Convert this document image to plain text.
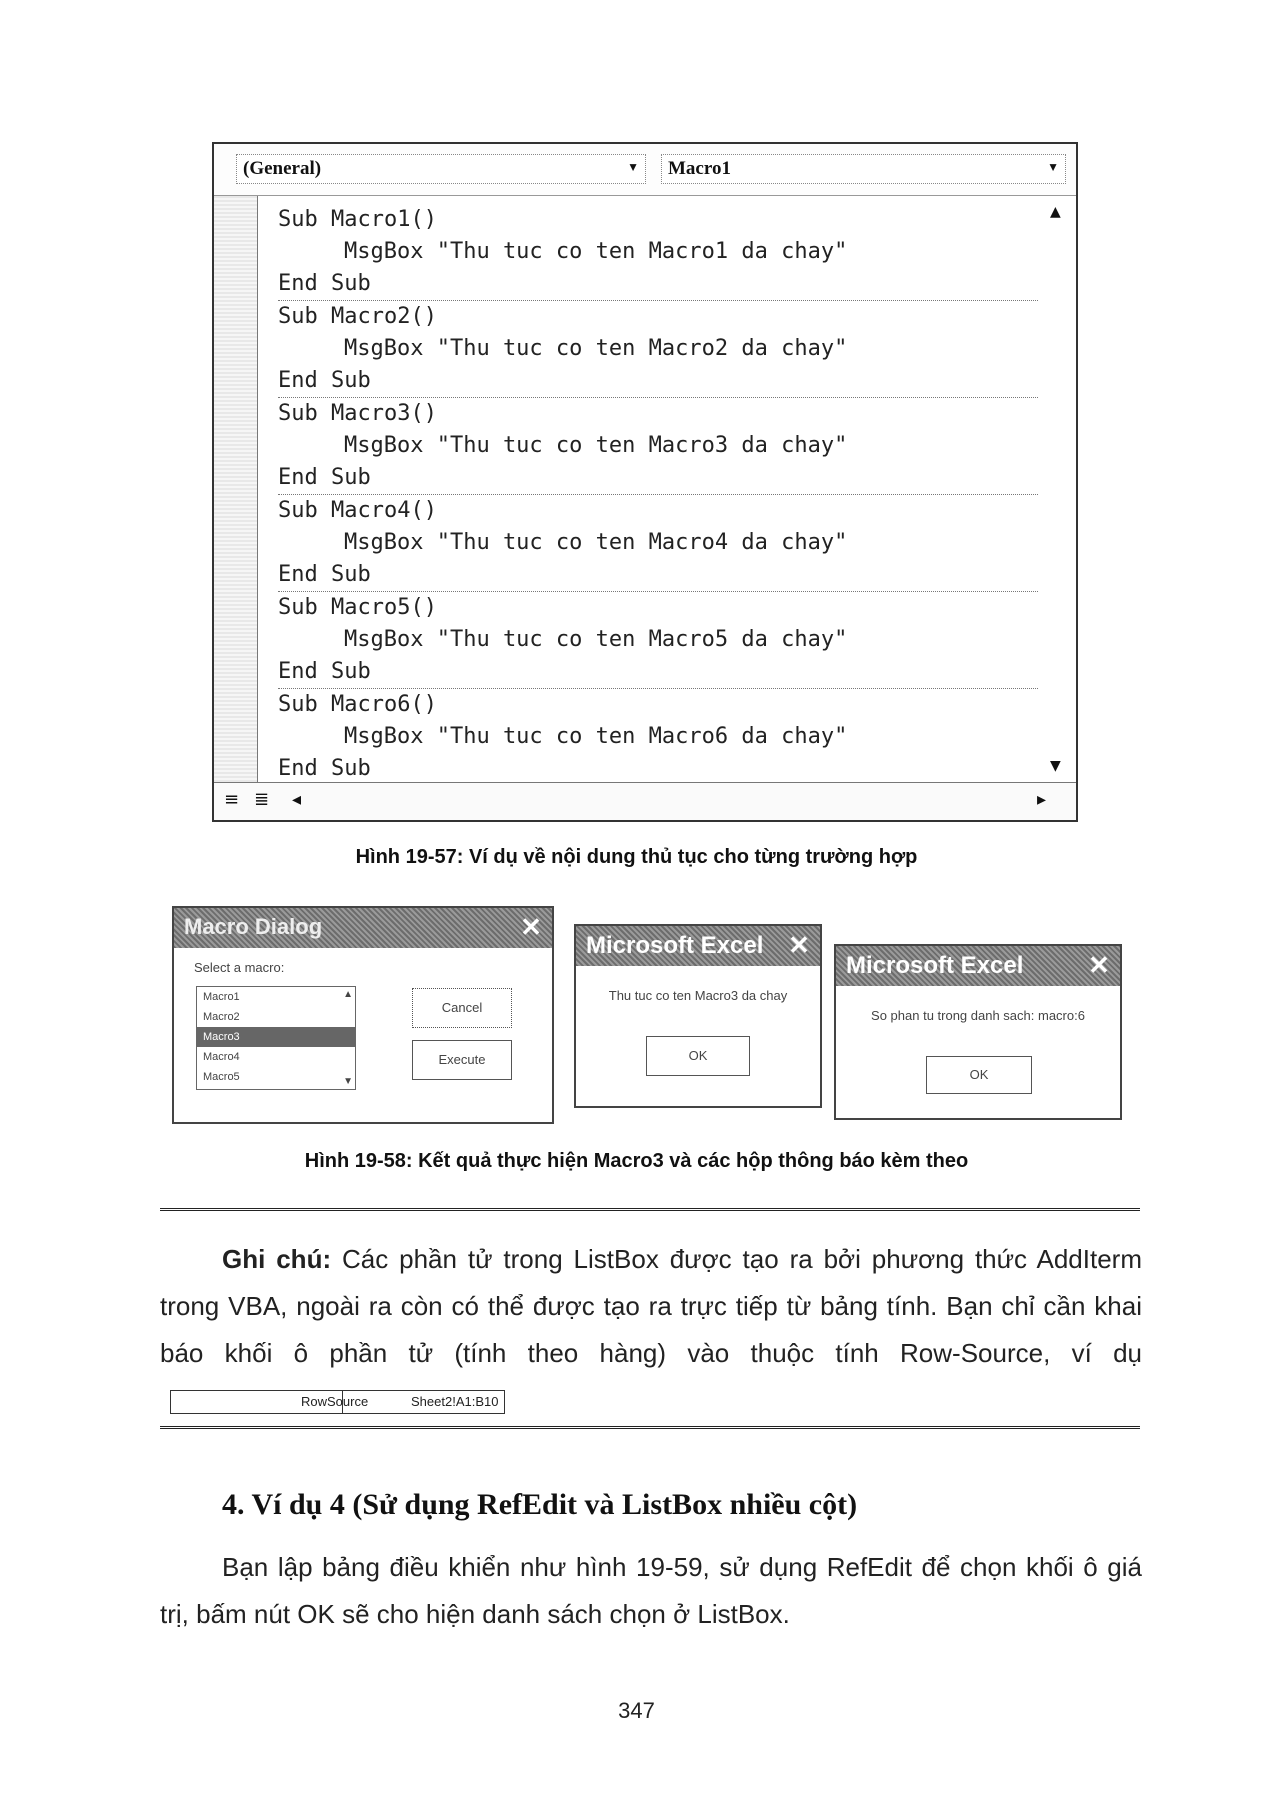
(General)	▼	Macro1	▼
Sub Macro1()
MsgBox "Thu tuc co ten Macro1 da chay"
End Sub
Sub Macro2()
MsgBox "Thu tuc co ten Macro2 da chay"
End Sub
Sub Macro3()
MsgBox "Thu tuc co ten Macro3 da chay"
End Sub
Sub Macro4()
MsgBox "Thu tuc co ten Macro4 da chay"
End Sub
Sub Macro5()
MsgBox "Thu tuc co ten Macro5 da chay"
End Sub
Sub Macro6()
MsgBox "Thu tuc co ten Macro6 da chay"
End Sub
▲
▼
≡ ≣ ◂	▸
Hình 19-57: Ví dụ về nội dung thủ tục cho từng trường hợp
Macro Dialog	✕
Select a macro:
Macro1
Macro2
Macro3
Macro4
Macro5
▲
▼
Cancel
Execute
Microsoft Excel ✕
Thu tuc co ten Macro3 da chay
OK
Microsoft Excel ✕
So phan tu trong danh sach: macro:6
OK
Hình 19-58: Kết quả thực hiện Macro3 và các hộp thông báo kèm theo
Ghi chú: Các phần tử trong ListBox được tạo ra bởi phương thức AddIterm trong VBA, ngoài ra còn có thể được tạo ra trực tiếp từ bảng tính. Bạn chỉ cần khai báo khối ô phần tử (tính theo hàng) vào thuộc tính Row-Source, ví dụ RowSource	Sheet2!A1:B10
4. Ví dụ 4 (Sử dụng RefEdit và ListBox nhiều cột)
Bạn lập bảng điều khiển như hình 19-59, sử dụng RefEdit để chọn khối ô giá trị, bấm nút OK sẽ cho hiện danh sách chọn ở ListBox.
347
